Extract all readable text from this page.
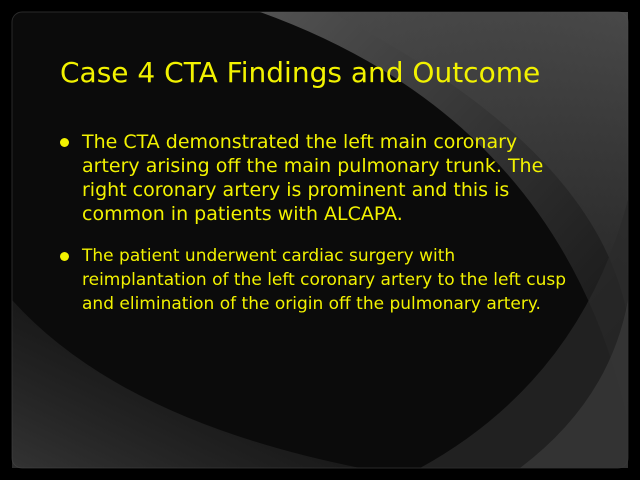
Case 4 CTA Findings and Outcome
The CTA demonstrated the left main coronary artery arising off the main pulmonary trunk. The right coronary artery is prominent and this is common in patients with ALCAPA.
The patient underwent cardiac surgery with reimplantation of the left coronary artery to the left cusp and elimination of the origin off the pulmonary artery.
